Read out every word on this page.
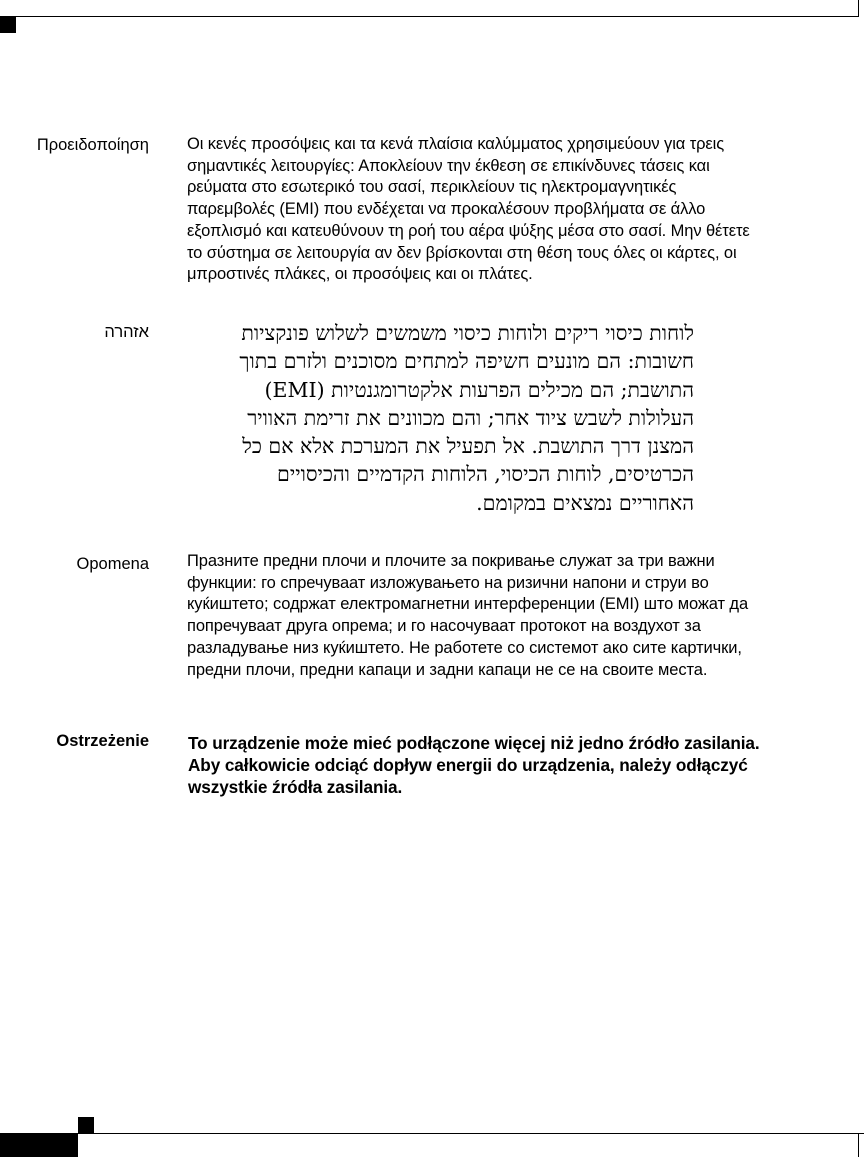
Προειδοποίηση Οι κενές προσόψεις και τα κενά πλαίσια καλύμματος χρησιμεύουν για τρεις
σημαντικές λειτουργίες: Αποκλείουν την έκθεση σε επικίνδυνες τάσεις και
ρεύματα στο εσωτερικό του σασί, περικλείουν τις ηλεκτρομαγνητικές
παρεμβολές (EMI) που ενδέχεται να προκαλέσουν προβλήματα σε άλλο
εξοπλισμό και κατευθύνουν τη ροή του αέρα ψύξης μέσα στο σασί. Μην θέτετε
το σύστημα σε λειτουργία αν δεν βρίσκονται στη θέση τους όλες οι κάρτες, οι
μπροστινές πλάκες, οι προσόψεις και οι πλάτες.
אזהרה	לוחות כיסוי ריקים ולוחות כיסוי משמשים לשלוש פונקציות
חשובות: הם מונעים חשיפה למתחים מסוכנים ולזרם בתוך
התושבת; הם מכילים הפרעות אלקטרומגנטיות (EMI)
העלולות לשבש ציוד אחר; והם מכוונים את זרימת האוויר
המצנן דרך התושבת. אל תפעיל את המערכת אלא אם כל
הכרטיסים, לוחות הכיסוי, הלוחות הקדמיים והכיסויים
האחוריים נמצאים במקומם.
Opomena Празните предни плочи и плочите за покривање служат за три важни
функции: го спречуваат изложувањето на ризични напони и струи во
куќиштето; содржат електромагнетни интерференции (EMI) што можат да
попречуваат друга опрема; и го насочуваат протокот на воздухот за
разладување низ куќиштето. Не работете со системот ако сите картички,
предни плочи, предни капаци и задни капаци не се на своите места.
Ostrzeżenie To urządzenie może mieć podłączone więcej niż jedno źródło zasilania.
Aby całkowicie odciąć dopływ energii do urządzenia, należy odłączyć
wszystkie źródła zasilania.
